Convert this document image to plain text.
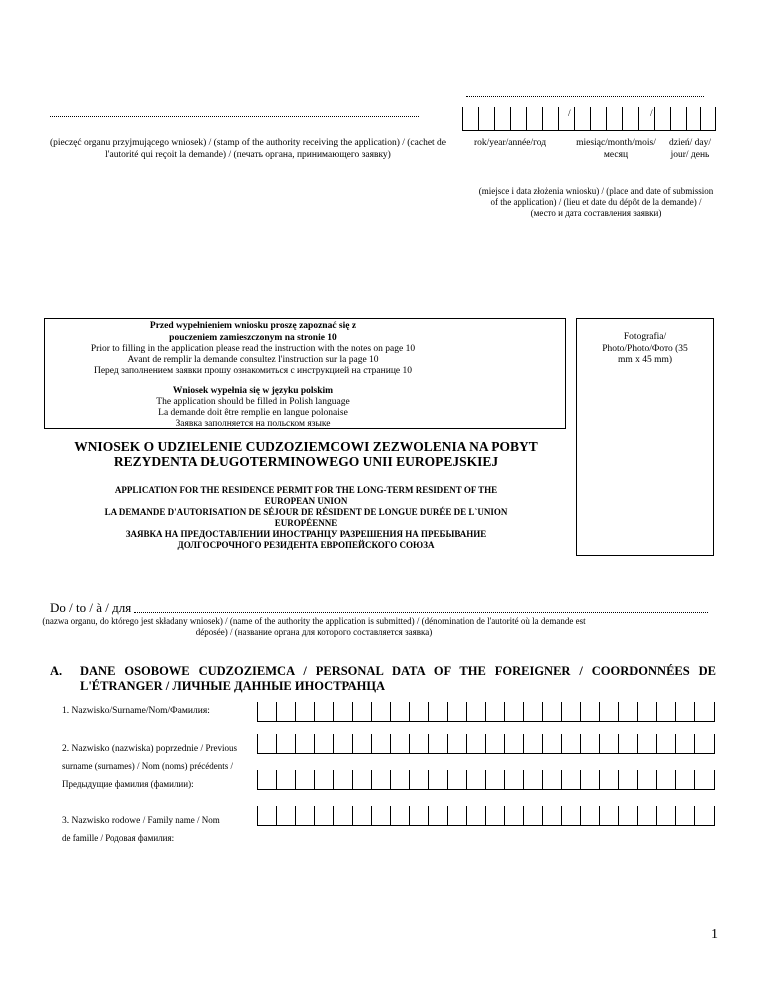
/	/
rok/year/année/год	miesiąc/month/mois/ месяц
dzień/ day/ jour/ день
(miejsce i data złożenia wniosku) / (place and date of submission of the application) / (lieu et date du dépôt de la demande) / (место и дата составления заявки)
(pieczęć organu przyjmującego wniosek) / (stamp of the authority receiving the application) / (cachet de l'autorité qui reçoit la demande) / (печать органа, принимающего заявку)
Przed wypełnieniem wniosku proszę zapoznać się z pouczeniem zamieszczonym na stronie 10
Prior to filling in the application please read the instruction with the notes on page 10
Avant de remplir la demande consultez l'instruction sur la page 10
Перед заполнением заявки прошу ознакомиться с инструкцией на странице 10
Wniosek wypełnia się w języku polskim
The application should be filled in Polish language
La demande doit être remplie en langue polonaise
Заявка заполняется на польском языке
WNIOSEK O UDZIELENIE CUDZOZIEMCOWI ZEZWOLENIA NA POBYT REZYDENTA DŁUGOTERMINOWEGO UNII EUROPEJSKIEJ
APPLICATION FOR THE RESIDENCE PERMIT FOR THE LONG-TERM RESIDENT OF THE EUROPEAN UNION
LA DEMANDE D'AUTORISATION DE SÉJOUR DE RÉSIDENT DE LONGUE DURÉE DE L`UNION EUROPÉENNE
ЗАЯВКА НА ПРЕДОСТАВЛЕНИИ ИНОСТРАНЦУ РАЗРЕШЕНИЯ НА ПРЕБЫВАНИЕ ДОЛГОСРОЧНОГО РЕЗИДЕНТА ЕВРОПЕЙСКОГО СОЮЗА
Fotografia/ Photo/Photo/Фото (35 mm x 45 mm)
Do / to / à / для
(nazwa organu, do którego jest składany wniosek) / (name of the authority the application is submitted) / (dénomination de l'autorité où la demande est déposée) / (название органа для которого составляется заявка)
A. DANE OSOBOWE CUDZOZIEMCA / PERSONAL DATA OF THE FOREIGNER / COORDONNÉES DE L'ÉTRANGER / ЛИЧНЫЕ ДАННЫЕ ИНОСТРАНЦА
1. Nazwisko/Surname/Nom/Фамилия:
2. Nazwisko (nazwiska) poprzednie / Previous
surname (surnames) / Nom (noms) précédents / Предыдущие фамилия (фамилии):
3. Nazwisko rodowe / Family name / Nom
de famille / Родовая фамилия:
1
